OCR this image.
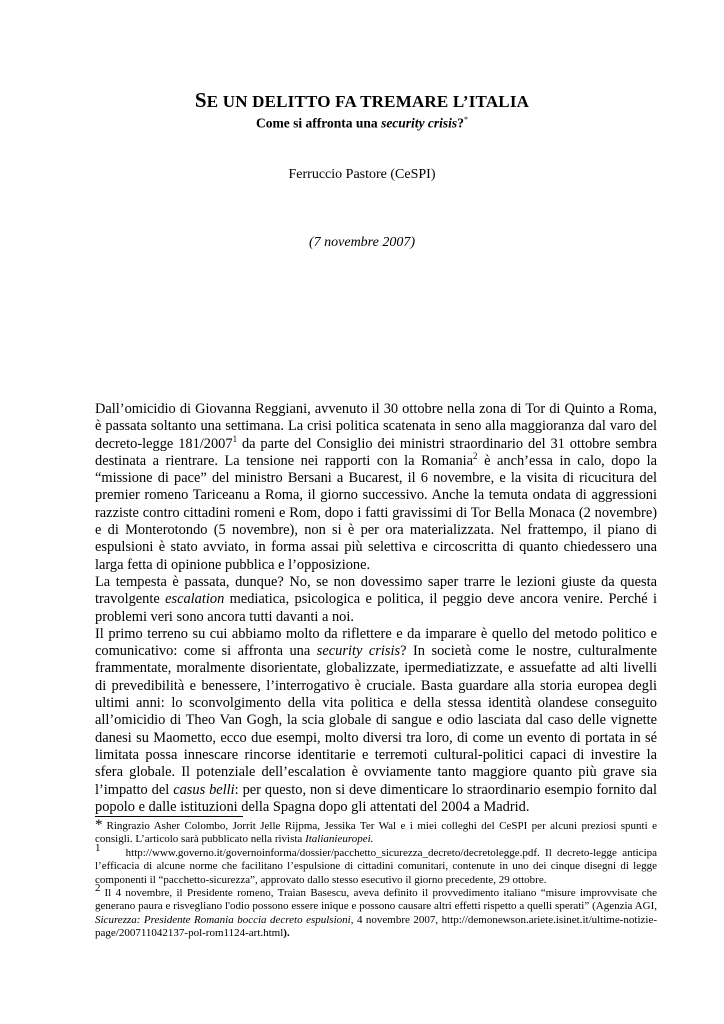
SE UN DELITTO FA TREMARE L’ITALIA
Come si affronta una security crisis?*
Ferruccio Pastore (CeSPI)
(7 novembre 2007)

Dall’omicidio di Giovanna Reggiani, avvenuto il 30 ottobre nella zona di Tor di Quinto a Roma, è passata soltanto una settimana. La crisi politica scatenata in seno alla maggioranza dal varo del decreto-legge 181/2007$^1$ da parte del Consiglio dei ministri straordinario del 31 ottobre sembra destinata a rientrare. La tensione nei rapporti con la Romania$^2$ è anch’essa in calo, dopo la “missione di pace” del ministro Bersani a Bucarest, il 6 novembre, e la visita di ricucitura del premier romeno Tariceanu a Roma, il giorno successivo. Anche la temuta ondata di aggressioni razziste contro cittadini romeni e Rom, dopo i fatti gravissimi di Tor Bella Monaca (2 novembre) e di Monterotondo (5 novembre), non si è per ora materializzata. Nel frattempo, il piano di espulsioni è stato avviato, in forma assai più selettiva e circoscritta di quanto chiedessero una larga fetta di opinione pubblica e l’opposizione.

La tempesta è passata, dunque? No, se non dovessimo saper trarre le lezioni giuste da questa travolgente escalation mediatica, psicologica e politica, il peggio deve ancora venire. Perché i problemi veri sono ancora tutti davanti a noi.

Il primo terreno su cui abbiamo molto da riflettere e da imparare è quello del metodo politico e comunicativo: come si affronta una security crisis? In società come le nostre, culturalmente frammentate, moralmente disorientate, globalizzate, ipermediatizzate, e assuefatte ad alti livelli di prevedibilità e benessere, l’interrogativo è cruciale. Basta guardare alla storia europea degli ultimi anni: lo sconvolgimento della vita politica e della stessa identità olandese conseguito all’omicidio di Theo Van Gogh, la scia globale di sangue e odio lasciata dal caso delle vignette danesi su Maometto, ecco due esempi, molto diversi tra loro, di come un evento di portata in sé limitata possa innescare rincorse identitarie e terremoti cultural-politici capaci di investire la sfera globale. Il potenziale dell’escalation è ovviamente tanto maggiore quanto più grave sia l’impatto del casus belli: per questo, non si deve dimenticare lo straordinario esempio fornito dal popolo e dalle istituzioni della Spagna dopo gli attentati del 2004 a Madrid.

* Ringrazio Asher Colombo, Jorrit Jelle Rijpma, Jessika Ter Wal e i miei colleghi del CeSPI per alcuni preziosi spunti e consigli. L’articolo sarà pubblicato nella rivista Italianieuropei.

1 http://www.governo.it/governoinforma/dossier/pacchetto_sicurezza_decreto/decretolegge.pdf. Il decreto-legge anticipa l’efficacia di alcune norme che facilitano l’espulsione di cittadini comunitari, contenute in uno dei cinque disegni di legge componenti il “pacchetto-sicurezza”, approvato dallo stesso esecutivo il giorno precedente, 29 ottobre.

2 Il 4 novembre, il Presidente romeno, Traian Basescu, aveva definito il provvedimento italiano “misure improvvisate che generano paura e risvegliano l'odio possono essere inique e possono causare altri effetti rispetto a quelli sperati” (Agenzia AGI, Sicurezza: Presidente Romania boccia decreto espulsioni, 4 novembre 2007, http://demonewson.ariete.isinet.it/ultime-notizie-page/200711042137-pol-rom1124-art.html).
